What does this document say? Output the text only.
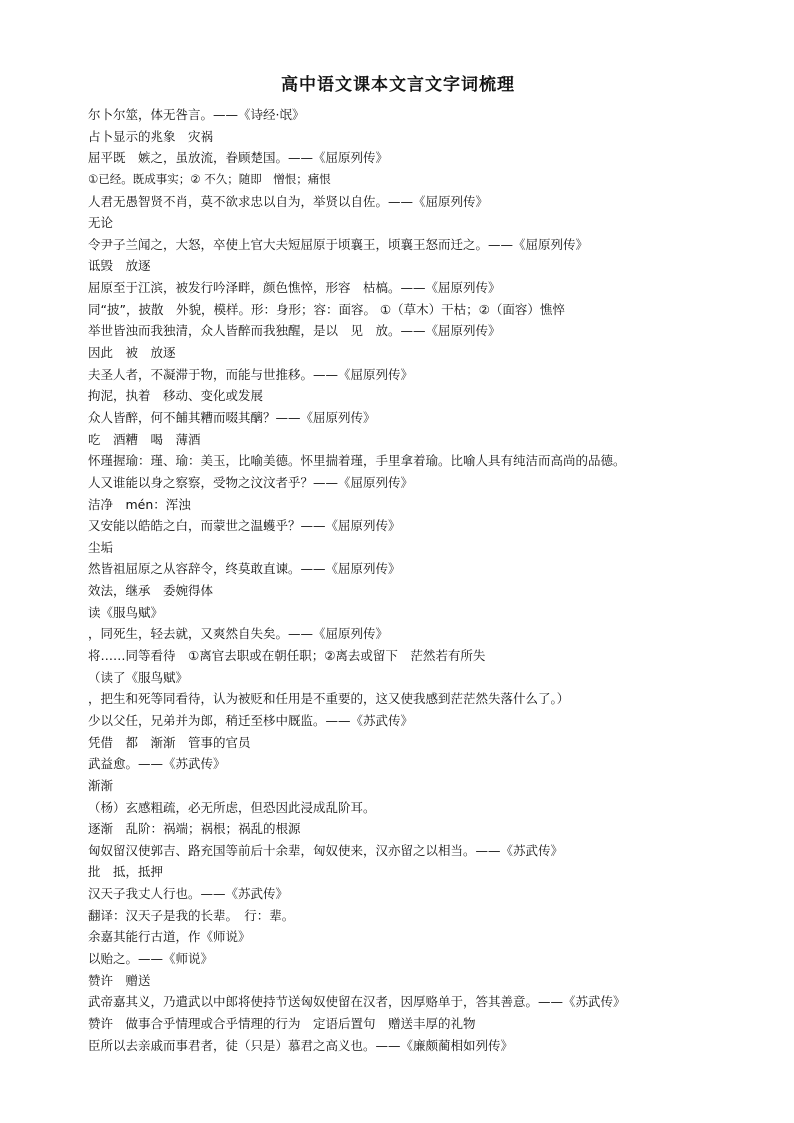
高中语文课本文言文字词梳理
尔卜尔筮，体无咎言。——《诗经·氓》
占卜显示的兆象　灾祸
屈平既　嫉之，虽放流，眷顾楚国。——《屈原列传》
①已经。既成事实；② 不久；随即　憎恨；痛恨
人君无愚智贤不肖，莫不欲求忠以自为，举贤以自佐。——《屈原列传》
无论
令尹子兰闻之，大怒，卒使上官大夫短屈原于顷襄王，顷襄王怒而迁之。——《屈原列传》
诋毁　放逐
屈原至于江滨，被发行吟泽畔，颜色憔悴，形容　枯槁。——《屈原列传》
同“披”，披散　外貌，模样。形：身形；容：面容。 ①（草木）干枯；②（面容）憔悴
举世皆浊而我独清，众人皆醉而我独醒，是以　见　放。——《屈原列传》
因此　被　放逐
夫圣人者，不凝滞于物，而能与世推移。——《屈原列传》
拘泥，执着　移动、变化或发展
众人皆醉，何不餔其糟而啜其醨？——《屈原列传》
吃　酒糟　喝　薄酒
怀瑾握瑜：瑾、瑜：美玉，比喻美德。怀里揣着瑾，手里拿着瑜。比喻人具有纯洁而高尚的品德。
人又谁能以身之察察，受物之汶汶者乎？——《屈原列传》
洁净　mén：浑浊
又安能以皓皓之白，而蒙世之温蠖乎？——《屈原列传》
尘垢
然皆祖屈原之从容辞令，终莫敢直谏。——《屈原列传》
效法，继承　委婉得体
读《服鸟赋》
，同死生，轻去就，又爽然自失矣。——《屈原列传》
将……同等看待　①离官去职或在朝任职；②离去或留下　茫然若有所失
（读了《服鸟赋》
，把生和死等同看待，认为被贬和任用是不重要的，这又使我感到茫茫然失落什么了。）
少以父任，兄弟并为郎，稍迁至栘中厩监。——《苏武传》
凭借　都　渐渐　管事的官员
武益愈。——《苏武传》
渐渐
（杨）玄感粗疏，必无所虑，但恐因此浸成乱阶耳。
逐渐　乱阶：祸端；祸根；祸乱的根源
匈奴留汉使郭吉、路充国等前后十余辈，匈奴使来，汉亦留之以相当。——《苏武传》
批　抵，抵押
汉天子我丈人行也。——《苏武传》
翻译：汉天子是我的长辈。　行：辈。
余嘉其能行古道，作《师说》
以贻之。——《师说》
赞许　赠送
武帝嘉其义，乃遣武以中郎将使持节送匈奴使留在汉者，因厚赂单于，答其善意。——《苏武传》
赞许　做事合乎情理或合乎情理的行为　定语后置句　赠送丰厚的礼物
臣所以去亲戚而事君者，徒（只是）慕君之高义也。——《廉颇蔺相如列传》
